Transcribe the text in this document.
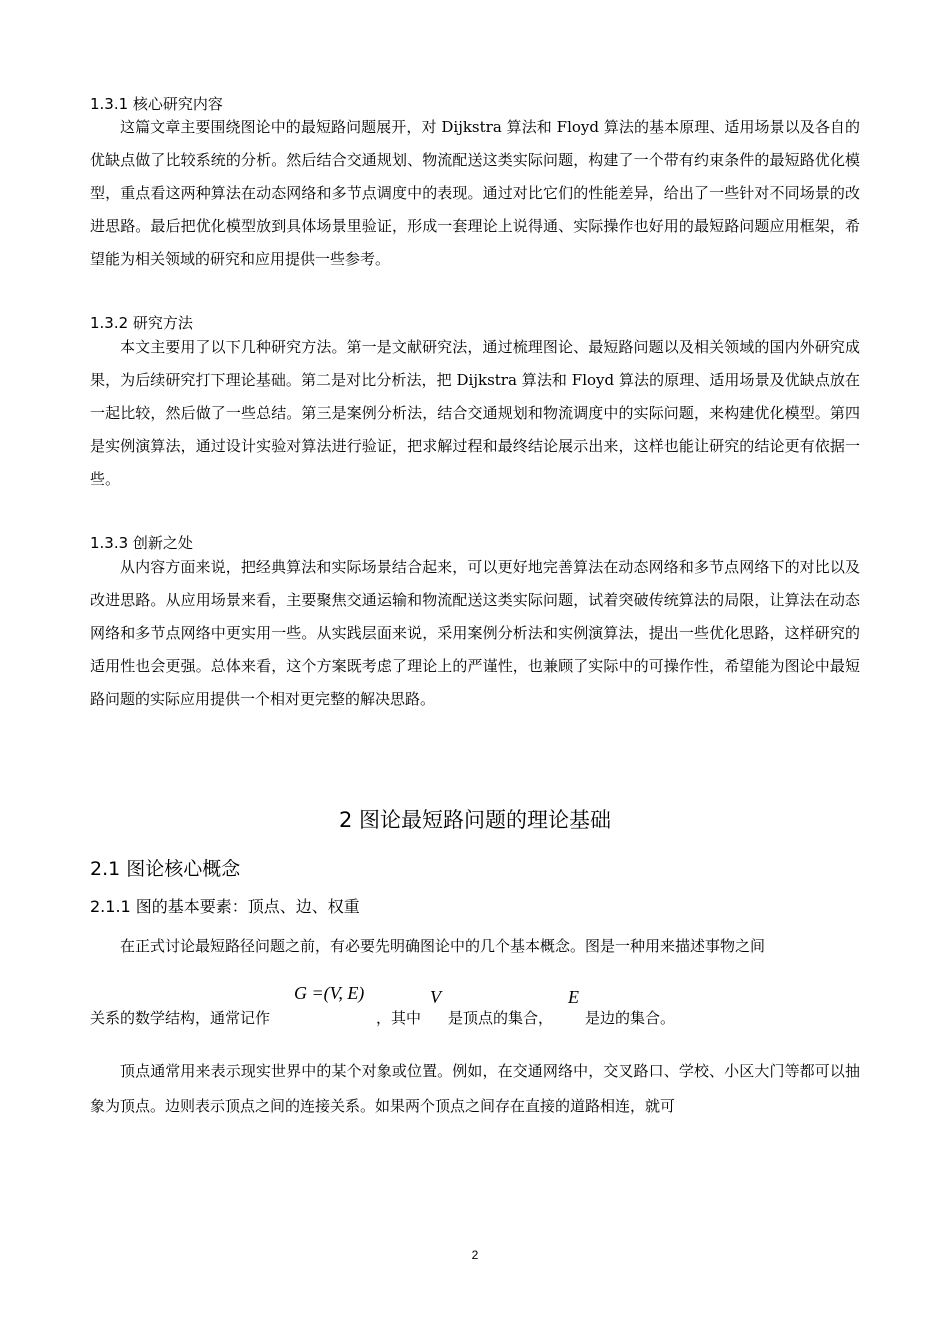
1.3.1 核心研究内容
这篇文章主要围绕图论中的最短路问题展开，对 Dijkstra 算法和 Floyd 算法的基本原理、适用场景以及各自的优缺点做了比较系统的分析。然后结合交通规划、物流配送这类实际问题，构建了一个带有约束条件的最短路优化模型，重点看这两种算法在动态网络和多节点调度中的表现。通过对比它们的性能差异，给出了一些针对不同场景的改进思路。最后把优化模型放到具体场景里验证，形成一套理论上说得通、实际操作也好用的最短路问题应用框架，希望能为相关领域的研究和应用提供一些参考。
1.3.2 研究方法
本文主要用了以下几种研究方法。第一是文献研究法，通过梳理图论、最短路问题以及相关领域的国内外研究成果，为后续研究打下理论基础。第二是对比分析法，把 Dijkstra 算法和 Floyd 算法的原理、适用场景及优缺点放在一起比较，然后做了一些总结。第三是案例分析法，结合交通规划和物流调度中的实际问题，来构建优化模型。第四是实例演算法，通过设计实验对算法进行验证，把求解过程和最终结论展示出来，这样也能让研究的结论更有依据一些。
1.3.3 创新之处
从内容方面来说，把经典算法和实际场景结合起来，可以更好地完善算法在动态网络和多节点网络下的对比以及改进思路。从应用场景来看，主要聚焦交通运输和物流配送这类实际问题，试着突破传统算法的局限，让算法在动态网络和多节点网络中更实用一些。从实践层面来说，采用案例分析法和实例演算法，提出一些优化思路，这样研究的适用性也会更强。总体来看，这个方案既考虑了理论上的严谨性，也兼顾了实际中的可操作性，希望能为图论中最短路问题的实际应用提供一个相对更完整的解决思路。
2 图论最短路问题的理论基础
2.1 图论核心概念
2.1.1 图的基本要素：顶点、边、权重
在正式讨论最短路径问题之前，有必要先明确图论中的几个基本概念。图是一种用来描述事物之间
G =(V, E)	V	E
关系的数学结构，通常记作	，其中 是顶点的集合， 是边的集合。
顶点通常用来表示现实世界中的某个对象或位置。例如，在交通网络中，交叉路口、学校、小区大门等都可以抽象为顶点。边则表示顶点之间的连接关系。如果两个顶点之间存在直接的道路相连，就可
2
